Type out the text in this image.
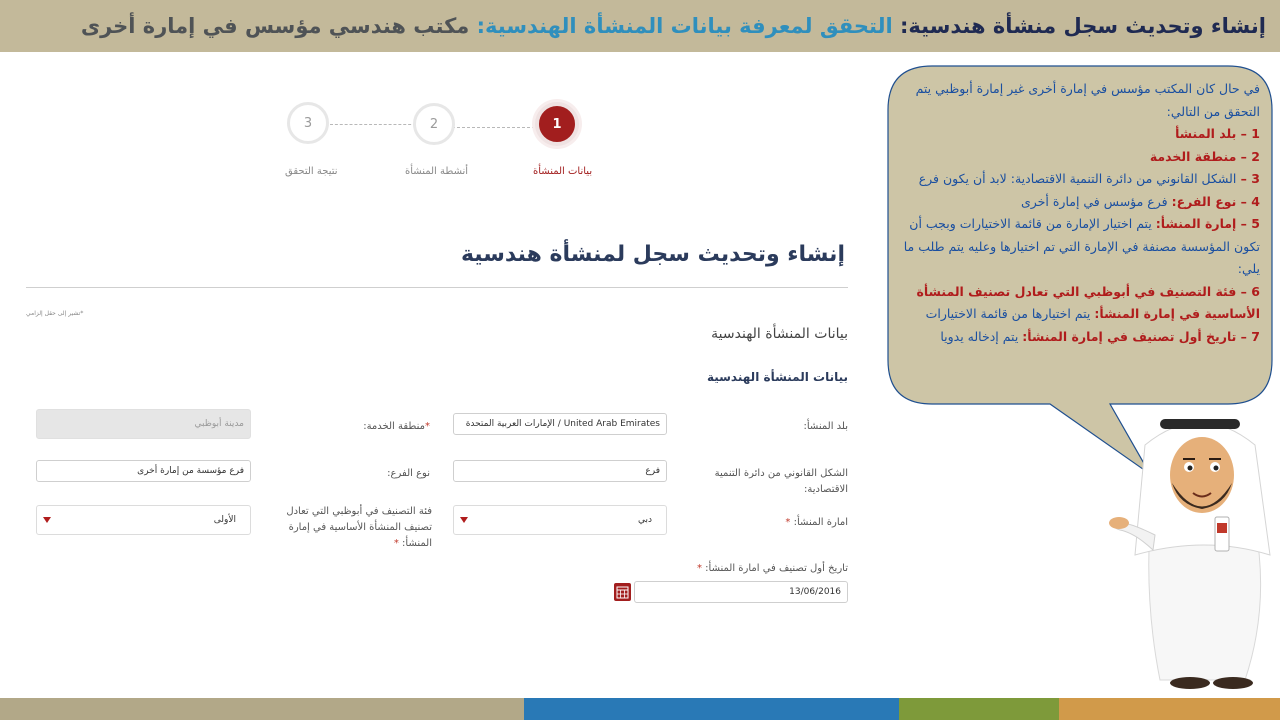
إنشاء وتحديث سجل منشأة هندسية: التحقق لمعرفة بيانات المنشأة الهندسية: مكتب هندسي مؤسس في إمارة أخرى
1
2
3
بيانات المنشأة
أنشطة المنشأة
نتيجة التحقق
إنشاء وتحديث سجل لمنشأة هندسية
*تشير إلى حقل إلزامي
بيانات المنشأة الهندسية
بيانات المنشأة الهندسية
بلد المنشأ:
United Arab Emirates / الإمارات العربية المتحدة
*منطقة الخدمة:
مدينة أبوظبي
الشكل القانوني من دائرة التنمية الاقتصادية:
فرع
نوع الفرع:
فرع مؤسسة من إمارة أخرى
امارة المنشأ: *
دبي
فئة التصنيف في أبوظبي التي تعادل تصنيف المنشأة الأساسية في إمارة المنشأ: *
الأولى
تاريخ أول تصنيف في امارة المنشأ: *
13/06/2016
في حال كان المكتب مؤسس في إمارة أخرى غير إمارة أبوظبي يتم التحقق من التالي:
1 – بلد المنشأ
2 – منطقة الخدمة
3 – الشكل القانوني من دائرة التنمية الاقتصادية: لابد أن يكون فرع
4 – نوع الفرع: فرع مؤسس في إمارة أخرى
5 – إمارة المنشأ: يتم اختيار الإمارة من قائمة الاختيارات وبجب أن تكون المؤسسة مصنفة في الإمارة التي تم اختيارها وعليه يتم طلب ما يلي:
6 – فئة التصنيف في أبوظبي التي تعادل تصنيف المنشأة الأساسية في إمارة المنشأ: يتم اختيارها من قائمة الاختيارات
7 – تاريخ أول تصنيف في إمارة المنشأ: يتم إدخاله يدويا
